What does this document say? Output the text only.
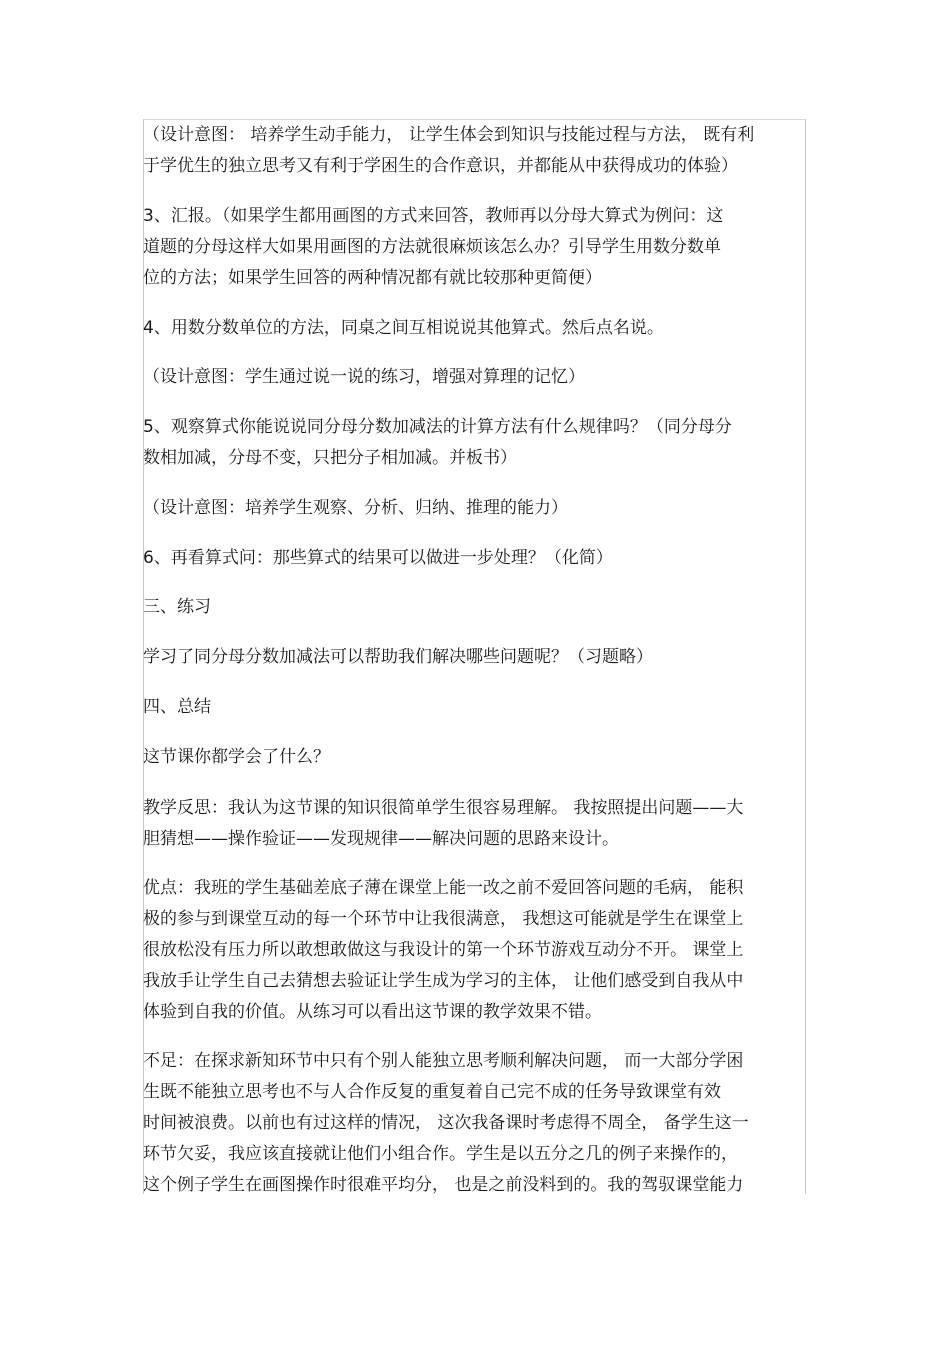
（设计意图： 培养学生动手能力， 让学生体会到知识与技能过程与方法， 既有利
于学优生的独立思考又有利于学困生的合作意识，并都能从中获得成功的体验）
3、汇报。（如果学生都用画图的方式来回答，教师再以分母大算式为例问：这
道题的分母这样大如果用画图的方法就很麻烦该怎么办？引导学生用数分数单
位的方法；如果学生回答的两种情况都有就比较那种更简便）
4、用数分数单位的方法，同桌之间互相说说其他算式。然后点名说。
（设计意图：学生通过说一说的练习，增强对算理的记忆）
5、观察算式你能说说同分母分数加减法的计算方法有什么规律吗？（同分母分
数相加减，分母不变，只把分子相加减。并板书）
（设计意图：培养学生观察、分析、归纳、推理的能力）
6、再看算式问：那些算式的结果可以做进一步处理？（化简）
三、练习
学习了同分母分数加减法可以帮助我们解决哪些问题呢？（习题略）
四、总结
这节课你都学会了什么？
教学反思：我认为这节课的知识很简单学生很容易理解。 我按照提出问题——大
胆猜想——操作验证——发现规律——解决问题的思路来设计。
优点：我班的学生基础差底子薄在课堂上能一改之前不爱回答问题的毛病， 能积
极的参与到课堂互动的每一个环节中让我很满意， 我想这可能就是学生在课堂上
很放松没有压力所以敢想敢做这与我设计的第一个环节游戏互动分不开。 课堂上
我放手让学生自己去猜想去验证让学生成为学习的主体， 让他们感受到自我从中
体验到自我的价值。从练习可以看出这节课的教学效果不错。
不足：在探求新知环节中只有个别人能独立思考顺利解决问题， 而一大部分学困
生既不能独立思考也不与人合作反复的重复着自己完不成的任务导致课堂有效
时间被浪费。以前也有过这样的情况， 这次我备课时考虑得不周全， 备学生这一
环节欠妥，我应该直接就让他们小组合作。学生是以五分之几的例子来操作的，
这个例子学生在画图操作时很难平均分， 也是之前没料到的。我的驾驭课堂能力
